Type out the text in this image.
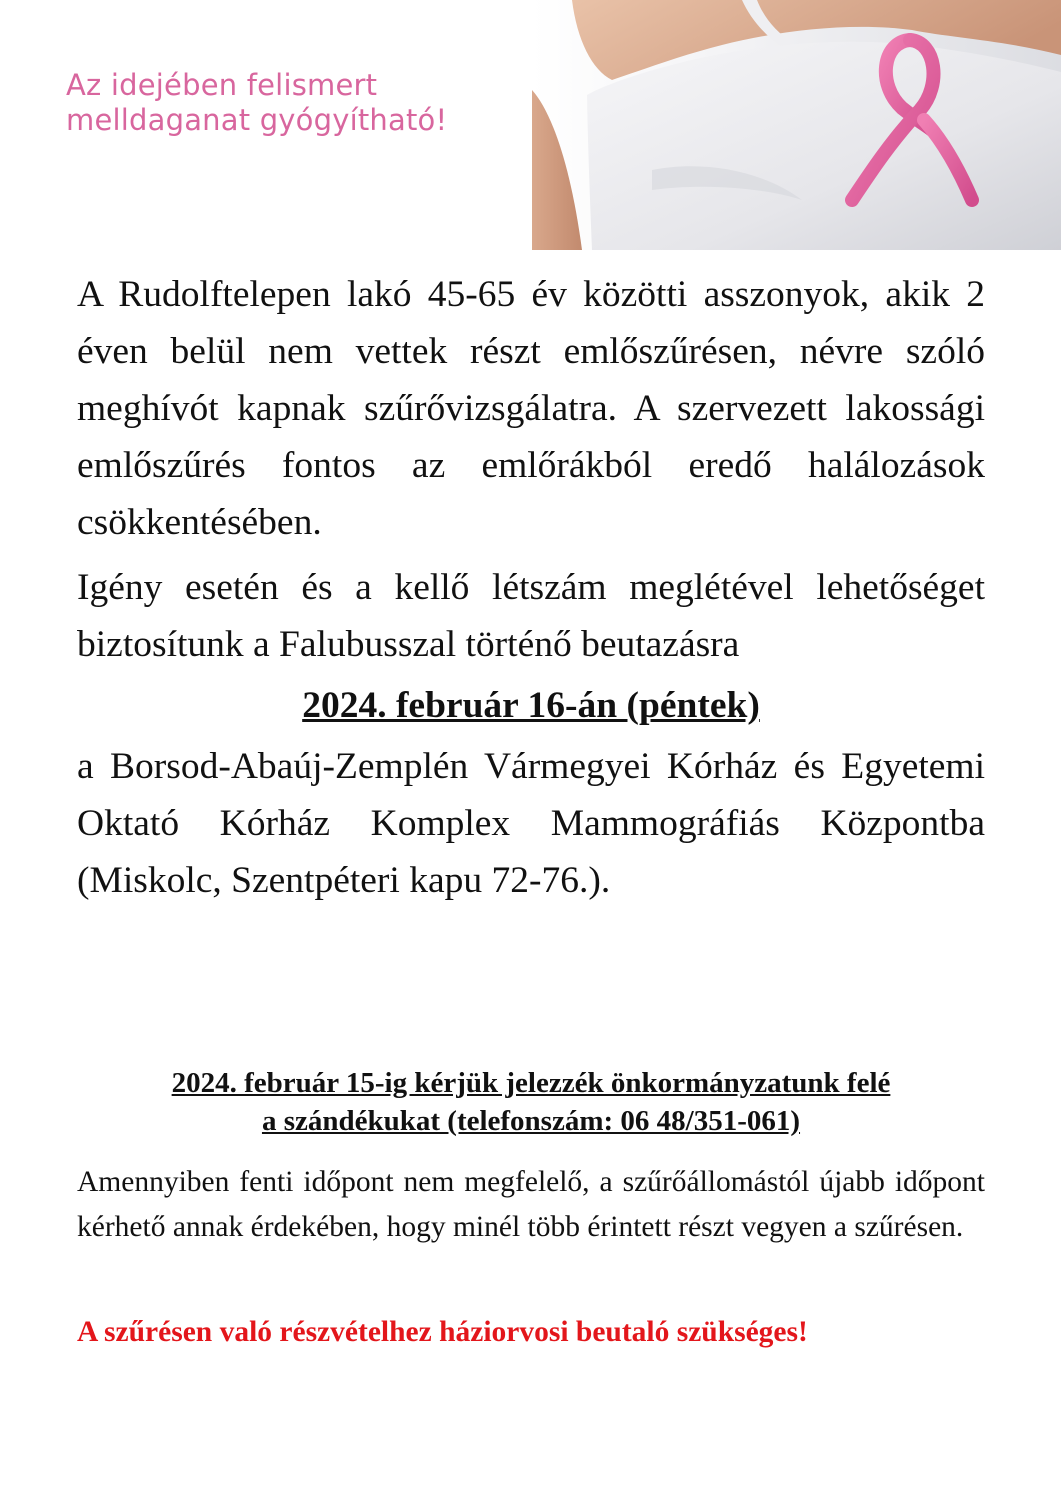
Az idejében felismert
melldaganat gyógyítható!

A Rudolftelepen lakó 45-65 év közötti asszonyok, akik 2 éven belül nem vettek részt emlőszűrésen, névre szóló meghívót kapnak szűrővizsgálatra. A szervezett lakossági emlőszűrés fontos az emlőrákból eredő halálozások csökkentésében.

Igény esetén és a kellő létszám meglétével lehetőséget biztosítunk a Falubusszal történő beutazásra

2024. február 16-án (péntek)

a Borsod-Abaúj-Zemplén Vármegyei Kórház és Egyetemi Oktató Kórház Komplex Mammográfiás Központba (Miskolc, Szentpéteri kapu 72-76.).

2024. február 15-ig kérjük jelezzék önkormányzatunk felé
a szándékukat (telefonszám: 06 48/351-061)

Amennyiben fenti időpont nem megfelelő, a szűrőállomástól újabb időpont kérhető annak érdekében, hogy minél több érintett részt vegyen a szűrésen.

A szűrésen való részvételhez háziorvosi beutaló szükséges!
